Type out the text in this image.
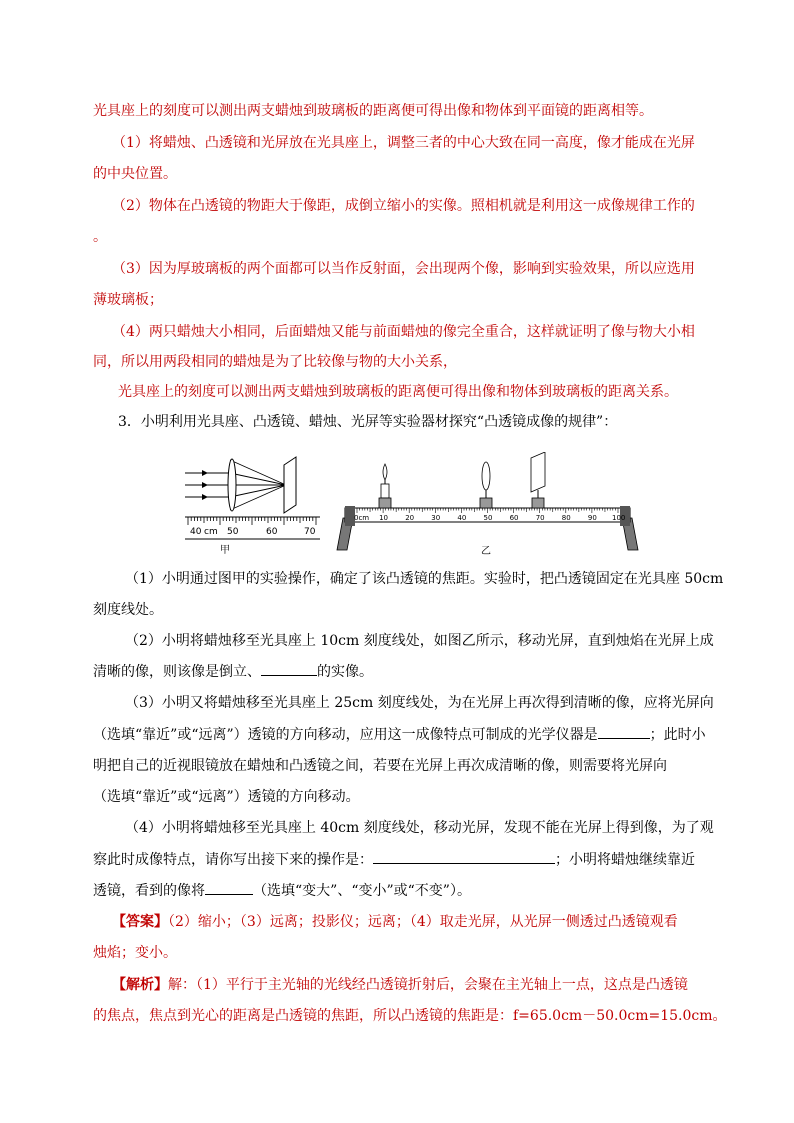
光具座上的刻度可以测出两支蜡烛到玻璃板的距离便可得出像和物体到平面镜的距离相等。
（1）将蜡烛、凸透镜和光屏放在光具座上，调整三者的中心大致在同一高度，像才能成在光屏
的中央位置。
（2）物体在凸透镜的物距大于像距，成倒立缩小的实像。照相机就是利用这一成像规律工作的
。
（3）因为厚玻璃板的两个面都可以当作反射面，会出现两个像，影响到实验效果，所以应选用
薄玻璃板；
（4）两只蜡烛大小相同，后面蜡烛又能与前面蜡烛的像完全重合，这样就证明了像与物大小相
同，所以用两段相同的蜡烛是为了比较像与物的大小关系，
光具座上的刻度可以测出两支蜡烛到玻璃板的距离便可得出像和物体到玻璃板的距离关系。
3．小明利用光具座、凸透镜、蜡烛、光屏等实验器材探究“凸透镜成像的规律”：
40 cm 50	60	70
甲
0cm 10 20 30 40 50 60 70 80 90 100
乙
（1）小明通过图甲的实验操作，确定了该凸透镜的焦距。实验时，把凸透镜固定在光具座 50cm
刻度线处。
（2）小明将蜡烛移至光具座上 10cm 刻度线处，如图乙所示，移动光屏，直到烛焰在光屏上成
清晰的像，则该像是倒立、	的实像。
（3）小明又将蜡烛移至光具座上 25cm 刻度线处，为在光屏上再次得到清晰的像，应将光屏向
（选填“靠近”或“远离”）透镜的方向移动，应用这一成像特点可制成的光学仪器是	；此时小
明把自己的近视眼镜放在蜡烛和凸透镜之间，若要在光屏上再次成清晰的像，则需要将光屏向
（选填“靠近”或“远离”）透镜的方向移动。
（4）小明将蜡烛移至光具座上 40cm 刻度线处，移动光屏，发现不能在光屏上得到像，为了观
察此时成像特点，请你写出接下来的操作是：	；小明将蜡烛继续靠近
透镜，看到的像将	（选填“变大”、“变小”或“不变”）。
【答案】（2）缩小；（3）远离；投影仪；远离；（4）取走光屏，从光屏一侧透过凸透镜观看
烛焰；变小。
【解析】解：（1）平行于主光轴的光线经凸透镜折射后，会聚在主光轴上一点，这点是凸透镜
的焦点，焦点到光心的距离是凸透镜的焦距，所以凸透镜的焦距是：f=65.0cm－50.0cm=15.0cm。
